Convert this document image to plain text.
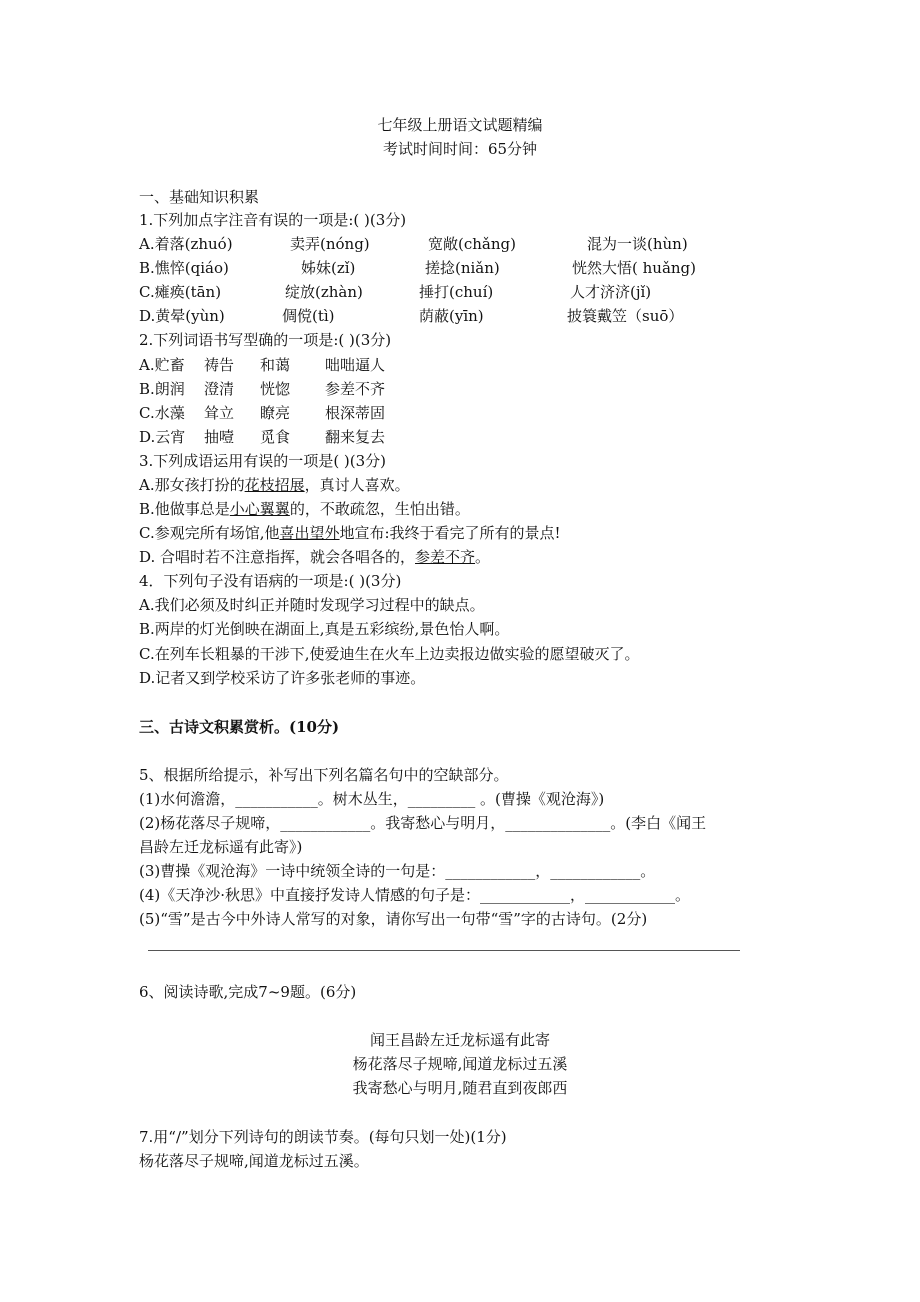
七年级上册语文试题精编
考试时间时间：65分钟
一、基础知识积累
1.下列加点字注音有误的一项是:( )(3分)
A.着落(zhuó)	卖弄(nóng)	宽敞(chǎng)	混为一谈(hùn)
B.憔悴(qiáo)	姊妹(zǐ)	搓捻(niǎn)	恍然大悟( huǎng)
C.瘫痪(tān)	绽放(zhàn)	捶打(chuí)	人才济济(jǐ)
D.黄晕(yùn)	倜傥(tì)	荫蔽(yīn)	披簑戴笠（suō）
2.下列词语书写型确的一项是:( )(3分)
A.贮畜 祷告 和蔼 咄咄逼人
B.朗润 澄清 恍惚 参差不齐
C.水藻 耸立 瞭亮 根深蒂固
D.云宵 抽噎 觅食 翻来复去
3.下列成语运用有误的一项是( )(3分)
A.那女孩打扮的花枝招展，真讨人喜欢。
B.他做事总是小心翼翼的，不敢疏忽，生怕出错。
C.参观完所有场馆,他喜出望外地宣布:我终于看完了所有的景点!
D. 合唱时若不注意指挥，就会各唱各的，参差不齐。
4．下列句子没有语病的一项是:( )(3分)
A.我们必须及时纠正并随时发现学习过程中的缺点。
B.两岸的灯光倒映在湖面上,真是五彩缤纷,景色怡人啊。
C.在列车长粗暴的干涉下,使爱迪生在火车上边卖报边做实验的愿望破灭了。
D.记者又到学校采访了许多张老师的事迹。
三、古诗文积累赏析。(10分)
5、根据所给提示，补写出下列名篇名句中的空缺部分。
(1)水何澹澹，___________。树木丛生，_________ 。(曹操《观沧海》)
(2)杨花落尽子规啼，____________。我寄愁心与明月，______________。(李白《闻王
昌龄左迁龙标遥有此寄》)
(3)曹操《观沧海》一诗中统领全诗的一句是：____________，____________。
(4)《天净沙·秋思》中直接抒发诗人情感的句子是：____________，____________。
(5)“雪”是古今中外诗人常写的对象，请你写出一句带“雪”字的古诗句。(2分)
6、阅读诗歌,完成7~9题。(6分)
闻王昌龄左迁龙标遥有此寄
杨花落尽子规啼,闻道龙标过五溪
我寄愁心与明月,随君直到夜郎西
7.用“/”划分下列诗句的朗读节奏。(每句只划一处)(1分)
杨花落尽子规啼,闻道龙标过五溪。
